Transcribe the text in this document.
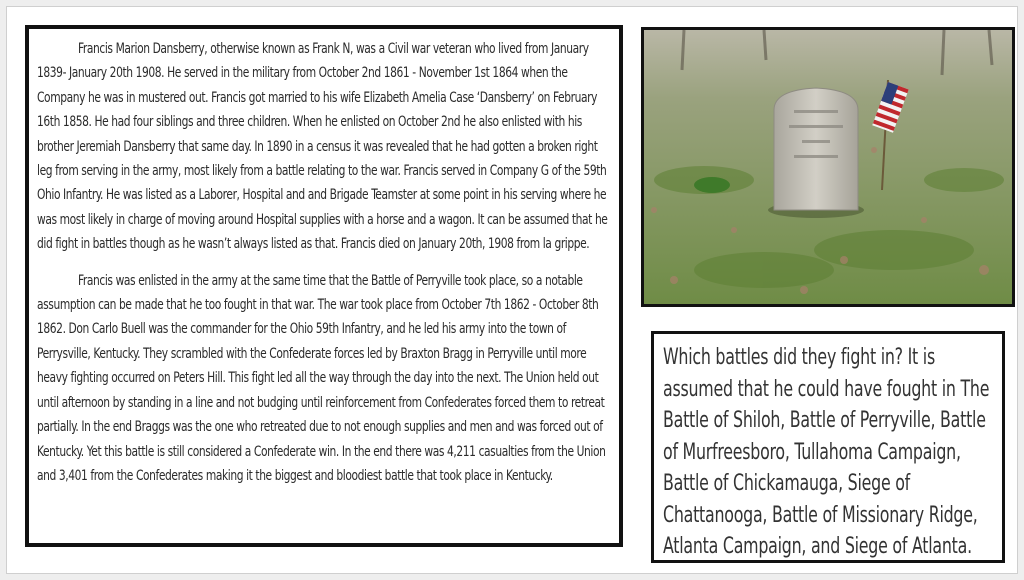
Francis Marion Dansberry, otherwise known as Frank N, was a Civil war veteran who lived from January 1839- January 20th 1908. He served in the military from October 2nd 1861 - November 1st 1864 when the Company he was in mustered out. Francis got married to his wife Elizabeth Amelia Case ‘Dansberry’ on February 16th 1858. He had four siblings and three children. When he enlisted on October 2nd he also enlisted with his brother Jeremiah Dansberry that same day. In 1890 in a census it was revealed that he had gotten a broken right leg from serving in the army, most likely from a battle relating to the war. Francis served in Company G of the 59th Ohio Infantry. He was listed as a Laborer, Hospital and and Brigade Teamster at some point in his serving where he was most likely in charge of moving around Hospital supplies with a horse and a wagon. It can be assumed that he did fight in battles though as he wasn’t always listed as that. Francis died on January 20th, 1908 from la grippe.

Francis was enlisted in the army at the same time that the Battle of Perryville took place, so a notable assumption can be made that he too fought in that war. The war took place from October 7th 1862 - October 8th 1862. Don Carlo Buell was the commander for the Ohio 59th Infantry, and he led his army into the town of Perrysville, Kentucky. They scrambled with the Confederate forces led by Braxton Bragg in Perryville until more heavy fighting occurred on Peters Hill. This fight led all the way through the day into the next. The Union held out until afternoon by standing in a line and not budging until reinforcement from Confederates forced them to retreat partially. In the end Braggs was the one who retreated due to not enough supplies and men and was forced out of Kentucky. Yet this battle is still considered a Confederate win. In the end there was 4,211 casualties from the Union and 3,401 from the Confederates making it the biggest and bloodiest battle that took place in Kentucky.

Which battles did they fight in? It is assumed that he could have fought in The Battle of Shiloh, Battle of Perryville, Battle of Murfreesboro, Tullahoma Campaign, Battle of Chickamauga, Siege of Chattanooga, Battle of Missionary Ridge, Atlanta Campaign, and Siege of Atlanta.
